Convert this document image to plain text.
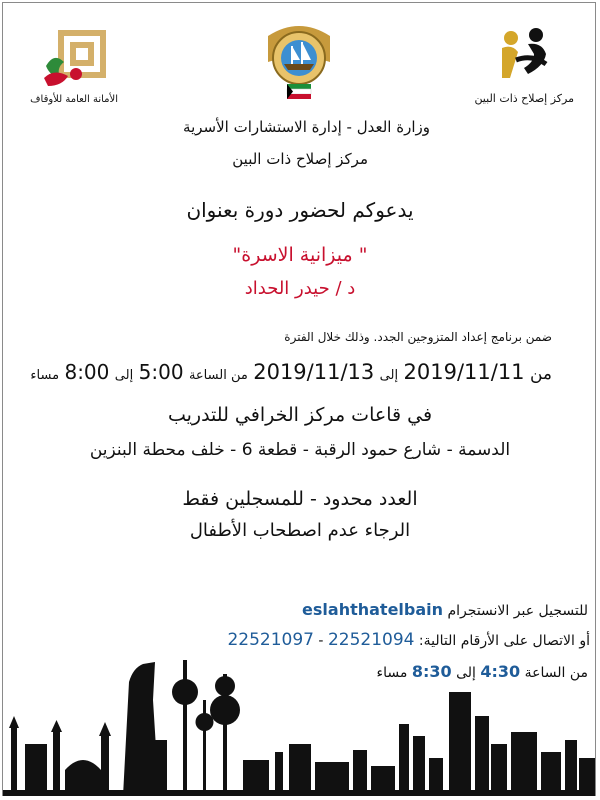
الأمانة العامة للأوقاف	مركز إصلاح ذات البين
وزارة العدل - إدارة الاستشارات الأسرية
مركز إصلاح ذات البين
يدعوكم لحضور دورة بعنوان
" ميزانية الاسرة"
د / حيدر الحداد
ضمن برنامج إعداد المتزوجين الجدد. وذلك خلال الفترة
من 2019/11/11 إلى 2019/11/13 من الساعة 5:00 إلى 8:00 مساء
في قاعات مركز الخرافي للتدريب
الدسمة - شارع حمود الرقبة - قطعة 6 - خلف محطة البنزين
العدد محدود - للمسجلين فقط
الرجاء عدم اصطحاب الأطفال
للتسجيل عبر الانستجرام eslahthatelbain
أو الاتصال على الأرقام التالية: 22521094 - 22521097
من الساعة 4:30 إلى 8:30 مساء
